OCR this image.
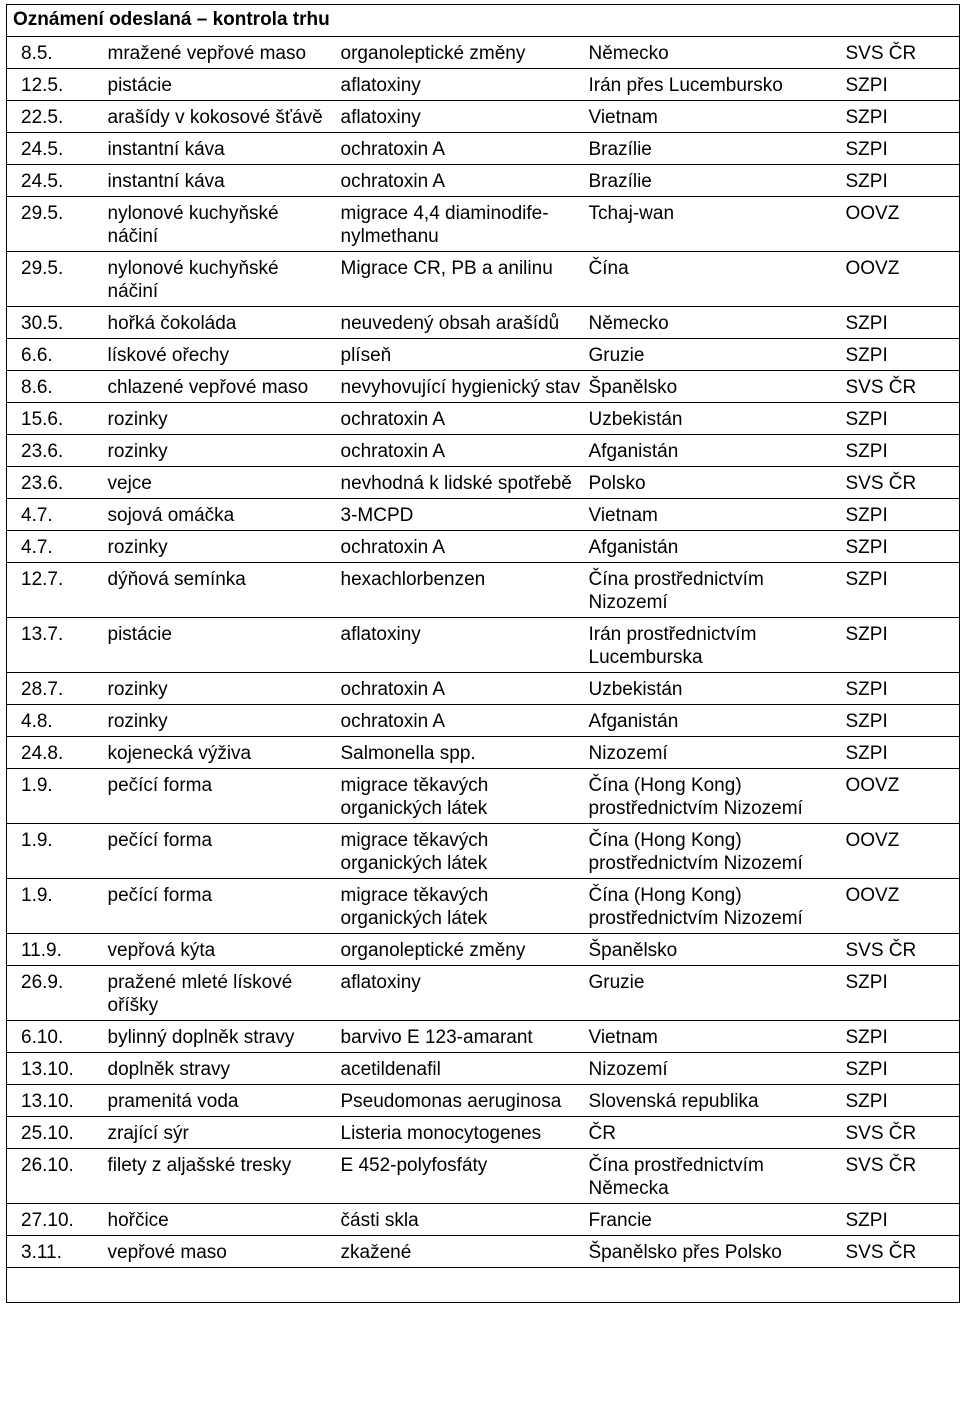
Oznámení odeslaná – kontrola trhu				
8.5.	mražené vepřové maso	organoleptické změny	Německo	SVS ČR
12.5.	pistácie	aflatoxiny	Irán přes Lucembursko	SZPI
22.5.	arašídy v kokosové šťávě	aflatoxiny	Vietnam	SZPI
24.5.	instantní káva	ochratoxin A	Brazílie	SZPI
24.5.	instantní káva	ochratoxin A	Brazílie	SZPI
29.5.	nylonové kuchyňské náčiní	migrace 4,4 diaminodife-nylmethanu	Tchaj-wan	OOVZ
29.5.	nylonové kuchyňské náčiní	Migrace CR, PB a anilinu	Čína	OOVZ
30.5.	hořká čokoláda	neuvedený obsah arašídů	Německo	SZPI
6.6.	lískové ořechy	plíseň	Gruzie	SZPI
8.6.	chlazené vepřové maso	nevyhovující hygienický stav	Španělsko	SVS ČR
15.6.	rozinky	ochratoxin A	Uzbekistán	SZPI
23.6.	rozinky	ochratoxin A	Afganistán	SZPI
23.6.	vejce	nevhodná k lidské spotřebě	Polsko	SVS ČR
4.7.	sojová omáčka	3-MCPD	Vietnam	SZPI
4.7.	rozinky	ochratoxin A	Afganistán	SZPI
12.7.	dýňová semínka	hexachlorbenzen	Čína prostřednictvím Nizozemí	SZPI
13.7.	pistácie	aflatoxiny	Irán prostřednictvím Lucemburska	SZPI
28.7.	rozinky	ochratoxin A	Uzbekistán	SZPI
4.8.	rozinky	ochratoxin A	Afganistán	SZPI
24.8.	kojenecká výživa	Salmonella spp.	Nizozemí	SZPI
1.9.	pečící forma	migrace těkavých organických látek	Čína (Hong Kong) prostřednictvím Nizozemí	OOVZ
1.9.	pečící forma	migrace těkavých organických látek	Čína (Hong Kong) prostřednictvím Nizozemí	OOVZ
1.9.	pečící forma	migrace těkavých organických látek	Čína (Hong Kong) prostřednictvím Nizozemí	OOVZ
11.9.	vepřová kýta	organoleptické změny	Španělsko	SVS ČR
26.9.	pražené mleté lískové oříšky	aflatoxiny	Gruzie	SZPI
6.10.	bylinný doplněk stravy	barvivo E 123-amarant	Vietnam	SZPI
13.10.	doplněk stravy	acetildenafil	Nizozemí	SZPI
13.10.	pramenitá voda	Pseudomonas aeruginosa	Slovenská republika	SZPI
25.10.	zrající sýr	Listeria monocytogenes	ČR	SVS ČR
26.10.	filety z aljašské tresky	E 452-polyfosfáty	Čína prostřednictvím Německa	SVS ČR
27.10.	hořčice	části skla	Francie	SZPI
3.11.	vepřové maso	zkažené	Španělsko přes Polsko	SVS ČR
